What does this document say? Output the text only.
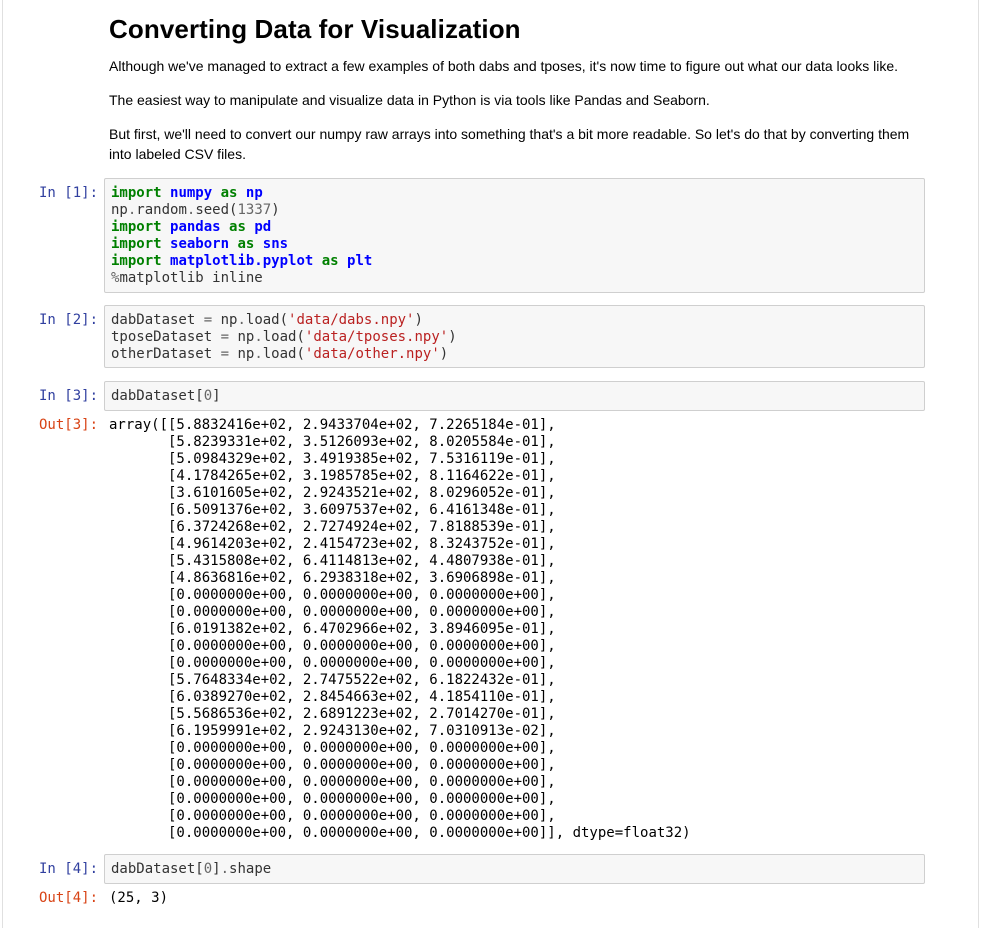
Converting Data for Visualization

Although we've managed to extract a few examples of both dabs and tposes, it's now time to figure out what our data looks like.

The easiest way to manipulate and visualize data in Python is via tools like Pandas and Seaborn.

But first, we'll need to convert our numpy raw arrays into something that's a bit more readable. So let's do that by converting them

into labeled CSV files.

In [1]: import numpy as np
np.random.seed(1337)
import pandas as pd
import seaborn as sns
import matplotlib.pyplot as plt
%matplotlib inline
In [2]: dabDataset = np.load('data/dabs.npy')
tposeDataset = np.load('data/tposes.npy')
otherDataset = np.load('data/other.npy')
In [3]: dabDataset[0]
Out[3]: array([[5.8832416e+02, 2.9433704e+02, 7.2265184e-01],
[5.8239331e+02, 3.5126093e+02, 8.0205584e-01],
[5.0984329e+02, 3.4919385e+02, 7.5316119e-01],
[4.1784265e+02, 3.1985785e+02, 8.1164622e-01],
[3.6101605e+02, 2.9243521e+02, 8.0296052e-01],
[6.5091376e+02, 3.6097537e+02, 6.4161348e-01],
[6.3724268e+02, 2.7274924e+02, 7.8188539e-01],
[4.9614203e+02, 2.4154723e+02, 8.3243752e-01],
[5.4315808e+02, 6.4114813e+02, 4.4807938e-01],
[4.8636816e+02, 6.2938318e+02, 3.6906898e-01],
[0.0000000e+00, 0.0000000e+00, 0.0000000e+00],
[0.0000000e+00, 0.0000000e+00, 0.0000000e+00],
[6.0191382e+02, 6.4702966e+02, 3.8946095e-01],
[0.0000000e+00, 0.0000000e+00, 0.0000000e+00],
[0.0000000e+00, 0.0000000e+00, 0.0000000e+00],
[5.7648334e+02, 2.7475522e+02, 6.1822432e-01],
[6.0389270e+02, 2.8454663e+02, 4.1854110e-01],
[5.5686536e+02, 2.6891223e+02, 2.7014270e-01],
[6.1959991e+02, 2.9243130e+02, 7.0310913e-02],
[0.0000000e+00, 0.0000000e+00, 0.0000000e+00],
[0.0000000e+00, 0.0000000e+00, 0.0000000e+00],
[0.0000000e+00, 0.0000000e+00, 0.0000000e+00],
[0.0000000e+00, 0.0000000e+00, 0.0000000e+00],
[0.0000000e+00, 0.0000000e+00, 0.0000000e+00],
[0.0000000e+00, 0.0000000e+00, 0.0000000e+00]], dtype=float32)
In [4]: dabDataset[0].shape
Out[4]: (25, 3)
